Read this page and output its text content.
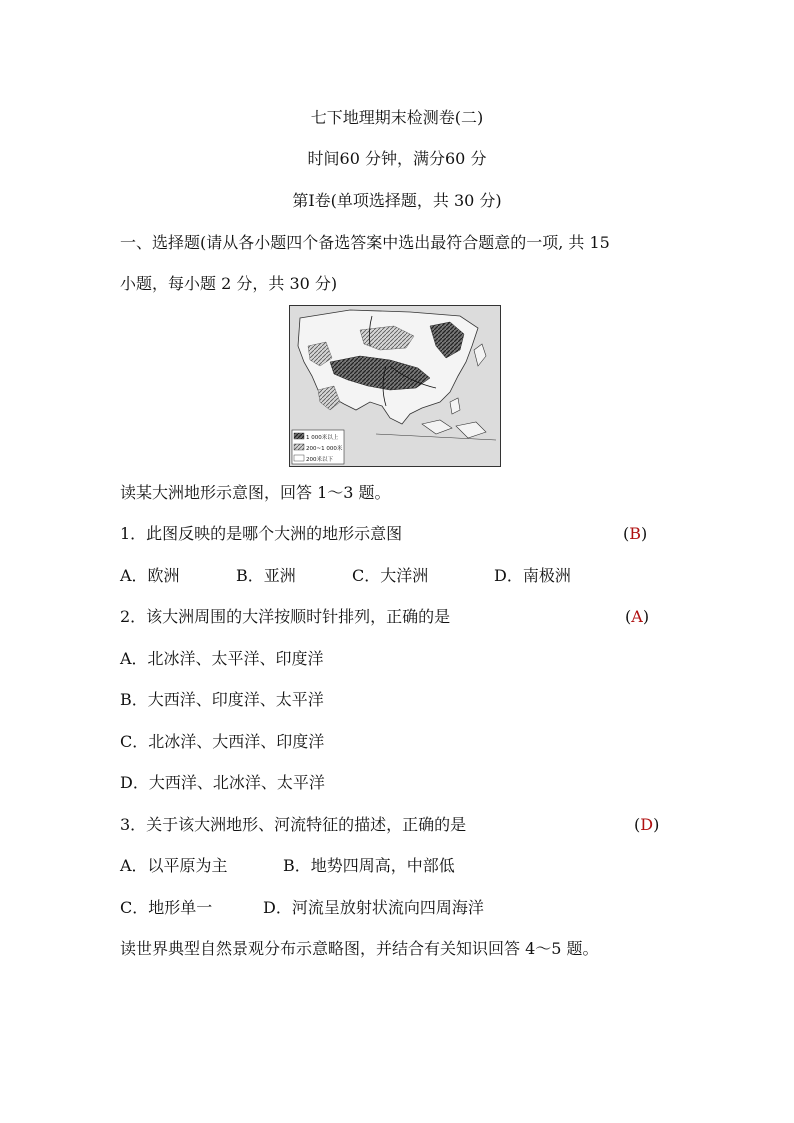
七下地理期末检测卷(二)
时间60 分钟，满分60 分
第Ⅰ卷(单项选择题，共 30 分)
一、选择题(请从各小题四个备选答案中选出最符合题意的一项, 共 15
小题，每小题 2 分，共 30 分)
1 000米以上
200~1 000米
200米以下
读某大洲地形示意图，回答 1～3 题。
1．此图反映的是哪个大洲的地形示意图	(B)
A．欧洲	B．亚洲	C．大洋洲	D．南极洲
2．该大洲周围的大洋按顺时针排列，正确的是	(A)
A．北冰洋、太平洋、印度洋
B．大西洋、印度洋、太平洋
C．北冰洋、大西洋、印度洋
D．大西洋、北冰洋、太平洋
3．关于该大洲地形、河流特征的描述，正确的是	(D)
A．以平原为主	B．地势四周高，中部低
C．地形单一	D．河流呈放射状流向四周海洋
读世界典型自然景观分布示意略图，并结合有关知识回答 4～5 题。
